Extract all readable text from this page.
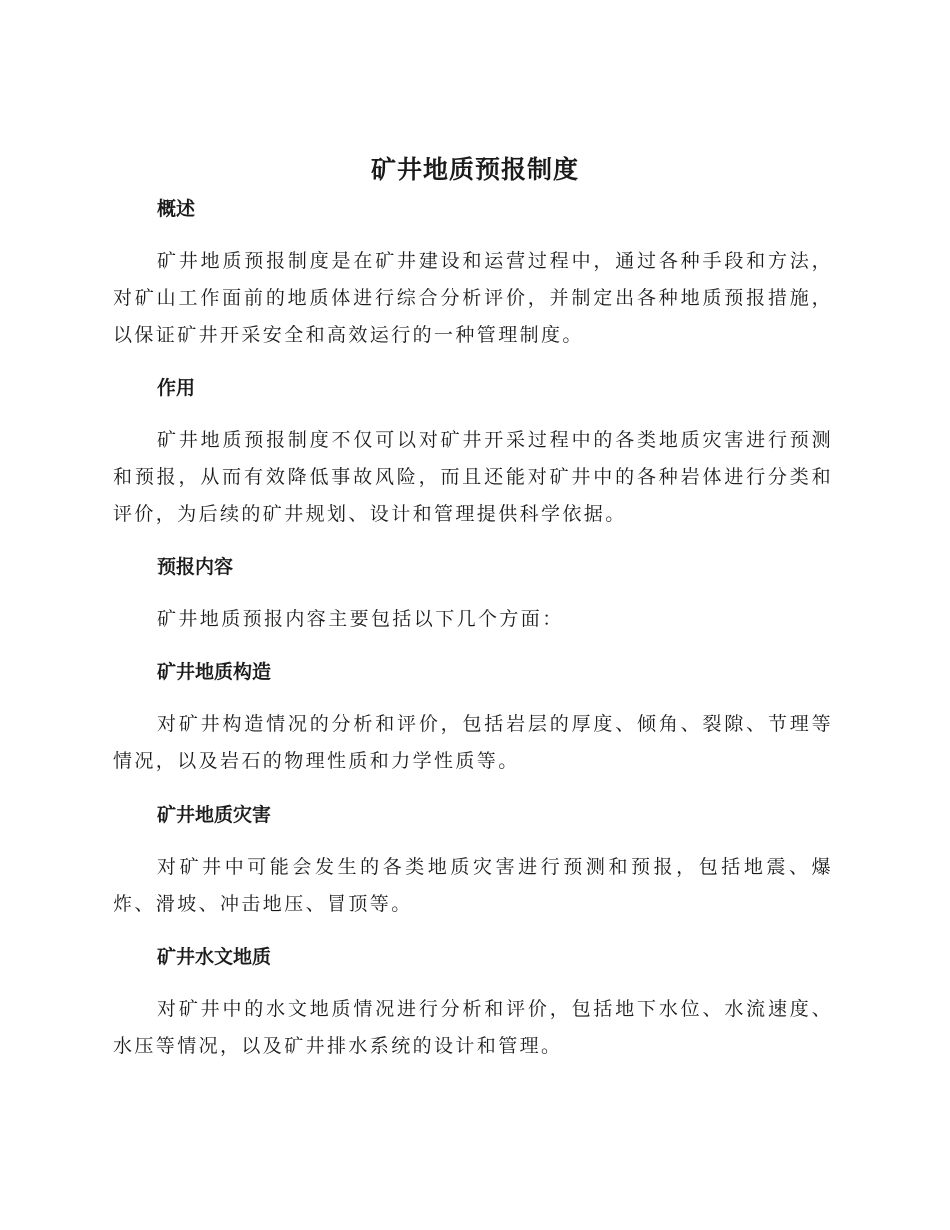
矿井地质预报制度
概述

矿井地质预报制度是在矿井建设和运营过程中，通过各种手段和方法，对矿山工作面前的地质体进行综合分析评价，并制定出各种地质预报措施，以保证矿井开采安全和高效运行的一种管理制度。

作用

矿井地质预报制度不仅可以对矿井开采过程中的各类地质灾害进行预测和预报，从而有效降低事故风险，而且还能对矿井中的各种岩体进行分类和评价，为后续的矿井规划、设计和管理提供科学依据。

预报内容

矿井地质预报内容主要包括以下几个方面：

矿井地质构造

对矿井构造情况的分析和评价，包括岩层的厚度、倾角、裂隙、节理等情况，以及岩石的物理性质和力学性质等。

矿井地质灾害

对矿井中可能会发生的各类地质灾害进行预测和预报，包括地震、爆炸、滑坡、冲击地压、冒顶等。

矿井水文地质

对矿井中的水文地质情况进行分析和评价，包括地下水位、水流速度、水压等情况，以及矿井排水系统的设计和管理。
